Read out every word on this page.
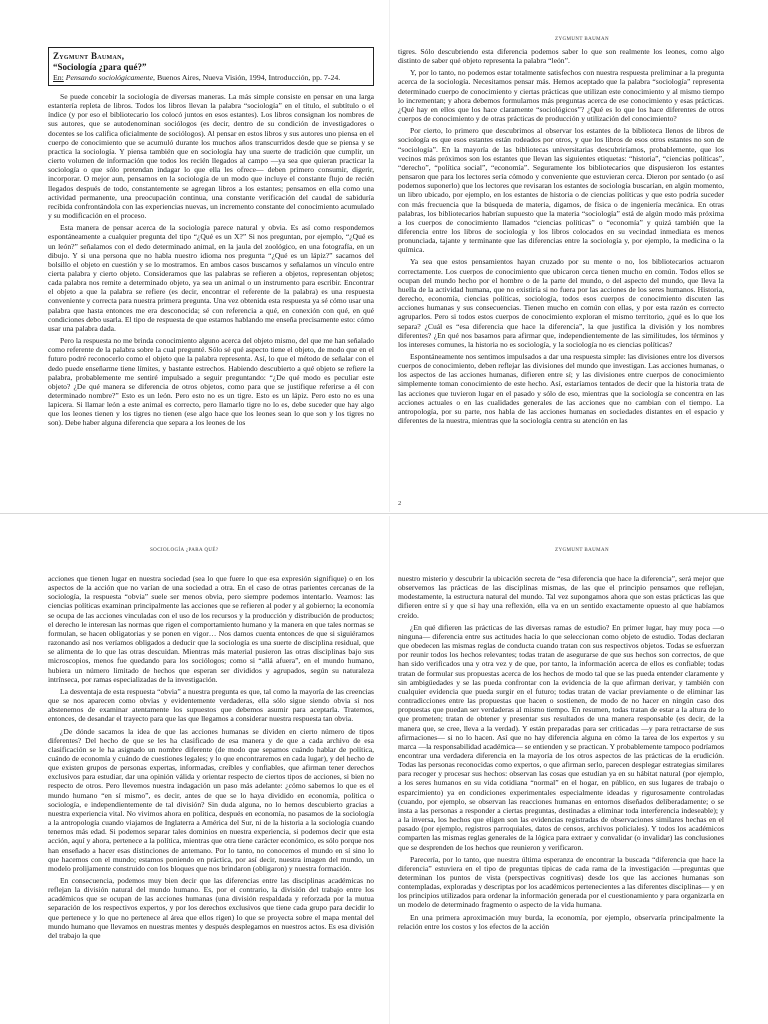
Zygmunt Bauman,
“Sociología ¿para qué?”
En: Pensando sociológicamente, Buenos Aires, Nueva Visión, 1994, Introducción, pp. 7-24.

Se puede concebir la sociología de diversas maneras. La más simple consiste en pensar en una larga estantería repleta de libros. Todos los libros llevan la palabra “sociología” en el título, el subtítulo o el índice (y por eso el bibliotecario los colocó juntos en esos estantes). Los libros consignan los nombres de sus autores, que se autodenominan sociólogos (es decir, dentro de su condición de investigadores o docentes se los califica oficialmente de sociólogos). Al pensar en estos libros y sus autores uno piensa en el cuerpo de conocimiento que se acumuló durante los muchos años transcurridos desde que se piensa y se practica la sociología. Y piensa también que en sociología hay una suerte de tradición que cumplir, un cierto volumen de información que todos los recién llegados al campo —ya sea que quieran practicar la sociología o que sólo pretendan indagar lo que ella les ofrece— deben primero consumir, digerir, incorporar. O mejor aun, pensamos en la sociología de un modo que incluye el constante flujo de recién llegados después de todo, constantemente se agregan libros a los estantes; pensamos en ella como una actividad permanente, una preocupación continua, una constante verificación del caudal de sabiduría recibida confrontándola con las experiencias nuevas, un incremento constante del conocimiento acumulado y su modificación en el proceso.

Esta manera de pensar acerca de la sociología parece natural y obvia. Es así como respondemos espontáneamente a cualquier pregunta del tipo “¿Qué es un X?” Si nos preguntan, por ejemplo, “¿Qué es un león?” señalamos con el dedo determinado animal, en la jaula del zoológico, en una fotografía, en un dibujo. Y si una persona que no habla nuestro idioma nos pregunta “¿Qué es un lápiz?” sacamos del bolsillo el objeto en cuestión y se lo mostramos. En ambos casos buscamos y señalamos un vínculo entre cierta palabra y cierto objeto. Consideramos que las palabras se refieren a objetos, representan objetos; cada palabra nos remite a determinado objeto, ya sea un animal o un instrumento para escribir. Encontrar el objeto a que la palabra se refiere (es decir, encontrar el referente de la palabra) es una respuesta conveniente y correcta para nuestra primera pregunta. Una vez obtenida esta respuesta ya sé cómo usar una palabra que hasta entonces me era desconocida; sé con referencia a qué, en conexión con qué, en qué condiciones debo usarla. El tipo de respuesta de que estamos hablando me enseña precisamente esto: cómo usar una palabra dada.

Pero la respuesta no me brinda conocimiento alguno acerca del objeto mismo, del que me han señalado como referente de la palabra sobre la cual pregunté. Sólo sé qué aspecto tiene el objeto, de modo que en el futuro podré reconocerlo como el objeto que la palabra representa. Así, lo que el método de señalar con el dedo puede enseñarme tiene límites, y bastante estrechos. Habiendo descubierto a qué objeto se refiere la palabra, probablemente me sentiré impulsado a seguir preguntando: “¿De qué modo es peculiar este objeto? ¿De qué manera se diferencia de otros objetos, como para que se justifique referirse a él con determinado nombre?” Esto es un león. Pero esto no es un tigre. Esto es un lápiz. Pero esto no es una lapicera. Si llamar león a este animal es correcto, pero llamarlo tigre no lo es, debe suceder que hay algo que los leones tienen y los tigres no tienen (ese algo hace que los leones sean lo que son y los tigres no son). Debe haber alguna diferencia que separa a los leones de los

ZYGMUNT BAUMAN

tigres. Sólo descubriendo esta diferencia podemos saber lo que son realmente los leones, como algo distinto de saber qué objeto representa la palabra “león”.

Y, por lo tanto, no podemos estar totalmente satisfechos con nuestra respuesta preliminar a la pregunta acerca de la sociología. Necesitamos pensar más. Hemos aceptado que la palabra “sociología” representa determinado cuerpo de conocimiento y ciertas prácticas que utilizan este conocimiento y al mismo tiempo lo incrementan; y ahora debemos formularnos más preguntas acerca de ese conocimiento y esas prácticas. ¿Qué hay en ellos que los hace claramente “sociológicos”? ¿Qué es lo que los hace diferentes de otros cuerpos de conocimiento y de otras prácticas de producción y utilización del conocimiento?

Por cierto, lo primero que descubrimos al observar los estantes de la biblioteca llenos de libros de sociología es que esos estantes están rodeados por otros, y que los libros de esos otros estantes no son de “sociología”. En la mayoría de las bibliotecas universitarias descubriríamos, probablemente, que los vecinos más próximos son los estantes que llevan las siguientes etiquetas: “historia”, “ciencias políticas”, “derecho”, “política social”, “economía”. Seguramente los bibliotecarios que dispusieron los estantes pensaron que para los lectores sería cómodo y conveniente que estuvieran cerca. Dieron por sentado (o así podemos suponerlo) que los lectores que revisaran los estantes de sociología buscarían, en algún momento, un libro ubicado, por ejemplo, en los estantes de historia o de ciencias políticas y que esto podría suceder con más frecuencia que la búsqueda de materia, digamos, de física o de ingeniería mecánica. En otras palabras, los bibliotecarios habrían supuesto que la materia “sociología” está de algún modo más próxima a los cuerpos de conocimiento llamados “ciencias políticas” o “economía” y quizá también que la diferencia entre los libros de sociología y los libros colocados en su vecindad inmediata es menos pronunciada, tajante y terminante que las diferencias entre la sociología y, por ejemplo, la medicina o la química.

Ya sea que estos pensamientos hayan cruzado por su mente o no, los bibliotecarios actuaron correctamente. Los cuerpos de conocimiento que ubicaron cerca tienen mucho en común. Todos ellos se ocupan del mundo hecho por el hombre o de la parte del mundo, o del aspecto del mundo, que lleva la huella de la actividad humana, que no existiría si no fuera por las acciones de los seres humanos. Historia, derecho, economía, ciencias políticas, sociología, todos esos cuerpos de conocimiento discuten las acciones humanas y sus consecuencias. Tienen mucho en común con ellas, y por esta razón es correcto agruparlos. Pero si todos estos cuerpos de conocimiento exploran el mismo territorio, ¿qué es lo que los separa? ¿Cuál es “esa diferencia que hace la diferencia”, la que justifica la división y los nombres diferentes? ¿En qué nos basamos para afirmar que, independientemente de las similitudes, los términos y los intereses comunes, la historia no es sociología, y la sociología no es ciencias políticas?

Espontáneamente nos sentimos impulsados a dar una respuesta simple: las divisiones entre los diversos cuerpos de conocimiento, deben reflejar las divisiones del mundo que investigan. Las acciones humanas, o los aspectos de las acciones humanas, difieren entre sí; y las divisiones entre cuerpos de conocimiento simplemente toman conocimiento de este hecho. Así, estaríamos tentados de decir que la historia trata de las acciones que tuvieron lugar en el pasado y sólo de eso, mientras que la sociología se concentra en las acciones actuales o en las cualidades generales de las acciones que no cambian con el tiempo. La antropología, por su parte, nos habla de las acciones humanas en sociedades distantes en el espacio y diferentes de la nuestra, mientras que la sociología centra su atención en las

2

acciones que tienen lugar en nuestra sociedad (sea lo que fuere lo que esa expresión signifique) o en los aspectos de la acción que no varían de una sociedad a otra. En el caso de otras parientes cercanas de la sociología, la respuesta “obvia” suele ser menos obvia, pero siempre podemos intentarlo. Veamos: las ciencias políticas examinan principalmente las acciones que se refieren al poder y al gobierno; la economía se ocupa de las acciones vinculadas con el uso de los recursos y la producción y distribución de productos; el derecho le interesan las normas que rigen el comportamiento humano y la manera en que tales normas se formulan, se hacen obligatorias y se ponen en vigor… Nos damos cuenta entonces de que si siguiéramos razonando así nos veríamos obligados a deducir que la sociología es una suerte de disciplina residual, que se alimenta de lo que las otras descuidan. Mientras más material pusieron las otras disciplinas bajo sus microscopios, menos fue quedando para los sociólogos; como si “allá afuera”, en el mundo humano, hubiera un número limitado de hechos que esperan ser divididos y agrupados, según su naturaleza intrínseca, por ramas especializadas de la investigación.

La desventaja de esta respuesta “obvia” a nuestra pregunta es que, tal como la mayoría de las creencias que se nos aparecen como obvias y evidentemente verdaderas, ella sólo sigue siendo obvia si nos abstenemos de examinar atentamente los supuestos que debemos asumir para aceptarla. Tratemos, entonces, de desandar el trayecto para que las que llegamos a considerar nuestra respuesta tan obvia.

¿De dónde sacamos la idea de que las acciones humanas se dividen en cierto número de tipos diferentes? Del hecho de que se les ha clasificado de esa manera y de que a cada archivo de esa clasificación se le ha asignado un nombre diferente (de modo que sepamos cuándo hablar de política, cuándo de economía y cuándo de cuestiones legales; y lo que encontraremos en cada lugar), y del hecho de que existen grupos de personas expertas, informadas, creíbles y confiables, que afirman tener derechos exclusivos para estudiar, dar una opinión válida y orientar respecto de ciertos tipos de acciones, si bien no respecto de otros. Pero llevemos nuestra indagación un paso más adelante: ¿cómo sabemos lo que es el mundo humano “en sí mismo”, es decir, antes de que se lo haya dividido en economía, política o sociología, e independientemente de tal división? Sin duda alguna, no lo hemos descubierto gracias a nuestra experiencia vital. No vivimos ahora en política, después en economía, no pasamos de la sociología a la antropología cuando viajamos de Inglaterra a América del Sur, ni de la historia a la sociología cuando tenemos más edad. Si podemos separar tales dominios en nuestra experiencia, si podemos decir que esta acción, aquí y ahora, pertenece a la política, mientras que otra tiene carácter económico, es sólo porque nos han enseñado a hacer esas distinciones de antemano. Por lo tanto, no conocemos el mundo en sí sino lo que hacemos con el mundo; estamos poniendo en práctica, por así decir, nuestra imagen del mundo, un modelo prolijamente construido con los bloques que nos brindaron (obligaron) y nuestra formación.

En consecuencia, podemos muy bien decir que las diferencias entre las disciplinas académicas no reflejan la división natural del mundo humano. Es, por el contrario, la división del trabajo entre los académicos que se ocupan de las acciones humanas (una división respaldada y reforzada por la mutua separación de los respectivos expertos, y por los derechos exclusivos que tiene cada grupo para decidir lo que pertenece y lo que no pertenece al área que ellos rigen) lo que se proyecta sobre el mapa mental del mundo humano que llevamos en nuestras mentes y después desplegamos en nuestros actos. Es esa división del trabajo la que

nuestro misterio y descubrir la ubicación secreta de “esa diferencia que hace la diferencia”, será mejor que observemos las prácticas de las disciplinas mismas, de las que el principio pensamos que reflejan, modestamente, la estructura natural del mundo. Tal vez supongamos ahora que son estas prácticas las que difieren entre sí y que sí hay una reflexión, ella va en un sentido exactamente opuesto al que habíamos creído.

¿En qué difieren las prácticas de las diversas ramas de estudio? En primer lugar, hay muy poca —o ninguna— diferencia entre sus actitudes hacia lo que seleccionan como objeto de estudio. Todas declaran que obedecen las mismas reglas de conducta cuando tratan con sus respectivos objetos. Todas se esfuerzan por reunir todos los hechos relevantes; todas tratan de asegurarse de que sus hechos son correctos, de que han sido verificados una y otra vez y de que, por tanto, la información acerca de ellos es confiable; todas tratan de formular sus propuestas acerca de los hechos de modo tal que se las pueda entender claramente y sin ambigüedades y se las pueda confrontar con la evidencia de la que afirman derivar, y también con cualquier evidencia que pueda surgir en el futuro; todas tratan de vaciar previamente o de eliminar las contradicciones entre las propuestas que hacen o sostienen, de modo de no hacer en ningún caso dos propuestas que puedan ser verdaderas al mismo tiempo. En resumen, todas tratan de estar a la altura de lo que prometen; tratan de obtener y presentar sus resultados de una manera responsable (es decir, de la manera que, se cree, lleva a la verdad). Y están preparadas para ser criticadas —y para retractarse de sus afirmaciones— si no lo hacen. Así que no hay diferencia alguna en cómo la tarea de los expertos y su marca —la responsabilidad académica— se entienden y se practican. Y probablemente tampoco podríamos encontrar una verdadera diferencia en la mayoría de los otros aspectos de las prácticas de la erudición. Todas las personas reconocidas como expertos, o que afirman serlo, parecen desplegar estrategias similares para recoger y procesar sus hechos: observan las cosas que estudian ya en su hábitat natural (por ejemplo, a los seres humanos en su vida cotidiana “normal” en el hogar, en público, en sus lugares de trabajo o esparcimiento) ya en condiciones experimentales especialmente ideadas y rigurosamente controladas (cuando, por ejemplo, se observan las reacciones humanas en entornos diseñados deliberadamente; o se insta a las personas a responder a ciertas preguntas, destinadas a eliminar toda interferencia indeseable); y a la inversa, los hechos que eligen son las evidencias registradas de observaciones similares hechas en el pasado (por ejemplo, registros parroquiales, datos de censos, archivos policiales). Y todos los académicos comparten las mismas reglas generales de la lógica para extraer y convalidar (o invalidar) las conclusiones que se desprenden de los hechos que reunieron y verificaron.

Parecería, por lo tanto, que nuestra última esperanza de encontrar la buscada “diferencia que hace la diferencia” estuviera en el tipo de preguntas típicas de cada rama de la investigación —preguntas que determinan los puntos de vista (perspectivas cognitivas) desde los que las acciones humanas son contempladas, exploradas y descriptas por los académicos pertenecientes a las diferentes disciplinas— y en los principios utilizados para ordenar la información generada por el cuestionamiento y para organizarla en un modelo de determinado fragmento o aspecto de la vida humana.

En una primera aproximación muy burda, la economía, por ejemplo, observaría principalmente la relación entre los costos y los efectos de la acción

SOCIOLOGÍA ¿PARA QUÉ?	ZYGMUNT BAUMAN
